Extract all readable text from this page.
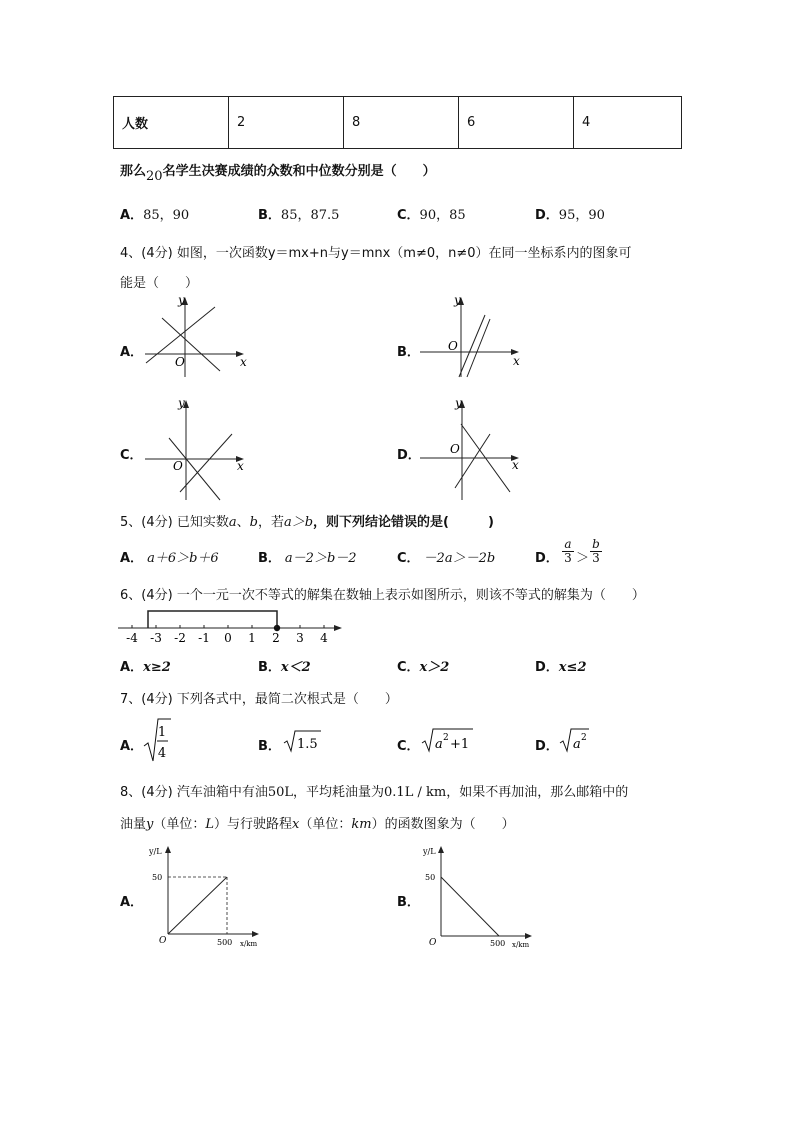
人数	2	8	6	4
那么20名学生决赛成绩的众数和中位数分别是（　　）
A．85，90	B．85，87.5	C．90，85	D．95，90
4、(4分) 如图，一次函数y＝mx+n与y＝mnx（m≠0，n≠0）在同一坐标系内的图象可
能是（　　）
A．	B．
C．	D．
x
y
O	x
y
O
x
y
O	x
y
O
5、(4分) 已知实数a、b，若a＞b，则下列结论错误的是(　　　)
A． a＋6＞b＋6	B． a－2＞b－2	C． －2a＞－2b	D． $\frac{a}{3} > \frac{b}{3}$
6、(4分) 一个一元一次不等式的解集在数轴上表示如图所示，则该不等式的解集为（　　）
-4 -3 -2 -1 0 1 2 3 4
A．x≥2	B．x＜2	C．x＞2	D．x≤2
7、(4分) 下列各式中，最简二次根式是（　　）
A．
1
4	B． 1.5	C． a 2 +1	D． a 2
8、(4分) 汽车油箱中有油50L，平均耗油量为0.1L / km，如果不再加油，那么邮箱中的
油量y（单位：L）与行驶路程x（单位：km）的函数图象为（　　）
A．	B．
y/L
50
O	500 x/km
y/L
50
O	500 x/km
